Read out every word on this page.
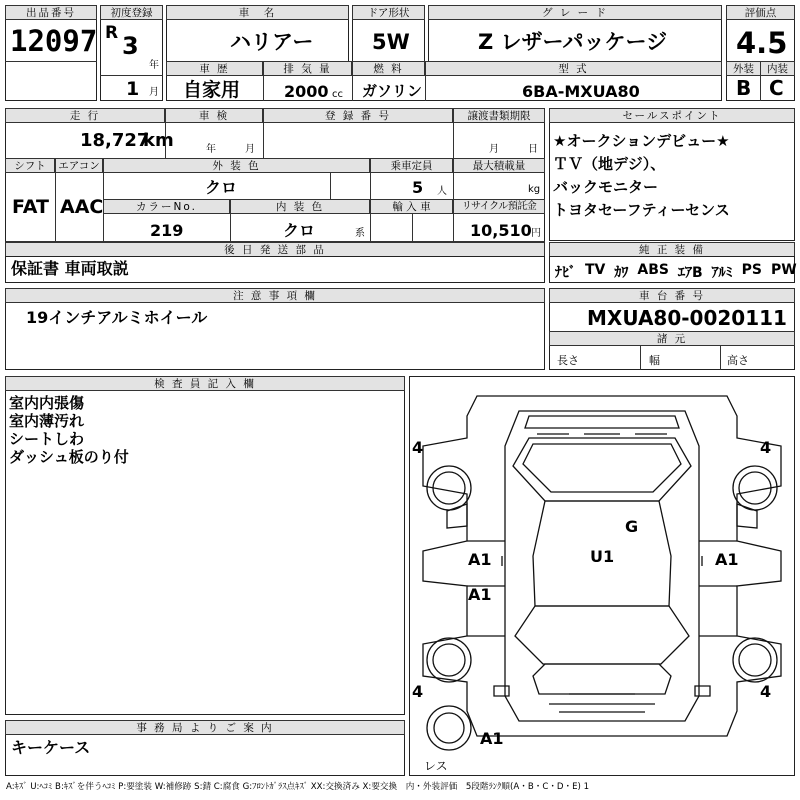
出品番号
12097
初度登録
R 3
年
1 月
車　名
ハリアー
ドア形状
5W
グ レ ー ド
Z レザーパッケージ
評価点
4.5
外装	内装
B C
車 歴
自家用
排 気 量
2000 cc
燃 料
ガソリン
型 式
6BA-MXUA80
走 行
18,727
km
車 検
年	月
登 録 番 号	譲渡書類期限
月	日
シフト
FAT
エアコン
AAC
外 装 色
クロ
乗車定員
5 人
最大積載量
kg
カラーNo.
219
内 装 色
クロ	系
輸 入 車	リサイクル預託金
10,510 円
後 日 発 送 部 品
保証書 車両取説
セールスポイント
★オークションデビュー★
ＴＶ（地デジ）、
バックモニター
トヨタセーフティーセンス
純 正 装 備
ﾅﾋﾞ TV ｶﾜ ABS ｴｱB ｱﾙﾐ PS PW
注 意 事 項 欄
19インチアルミホイール
車 台 番 号
MXUA80-0020111
諸 元
長さ	幅	高さ
検 査 員 記 入 欄
室内内張傷
室内薄汚れ
シートしわ
ダッシュ板のり付
事 務 局 よ り ご 案 内
キーケース
4	4
4	4
レス
G
U1
A1
A1
A1
A1
A:ｷｽﾞ U:ﾍｺﾐ B:ｷｽﾞを伴うﾍｺﾐ P:要塗装 W:補修跡 S:錆 C:腐食 G:ﾌﾛﾝﾄｶﾞﾗｽ点ｷｽﾞ XX:交換済み X:要交換　内・外装評価　5段階ﾗﾝｸ順(A・B・C・D・E) 1
